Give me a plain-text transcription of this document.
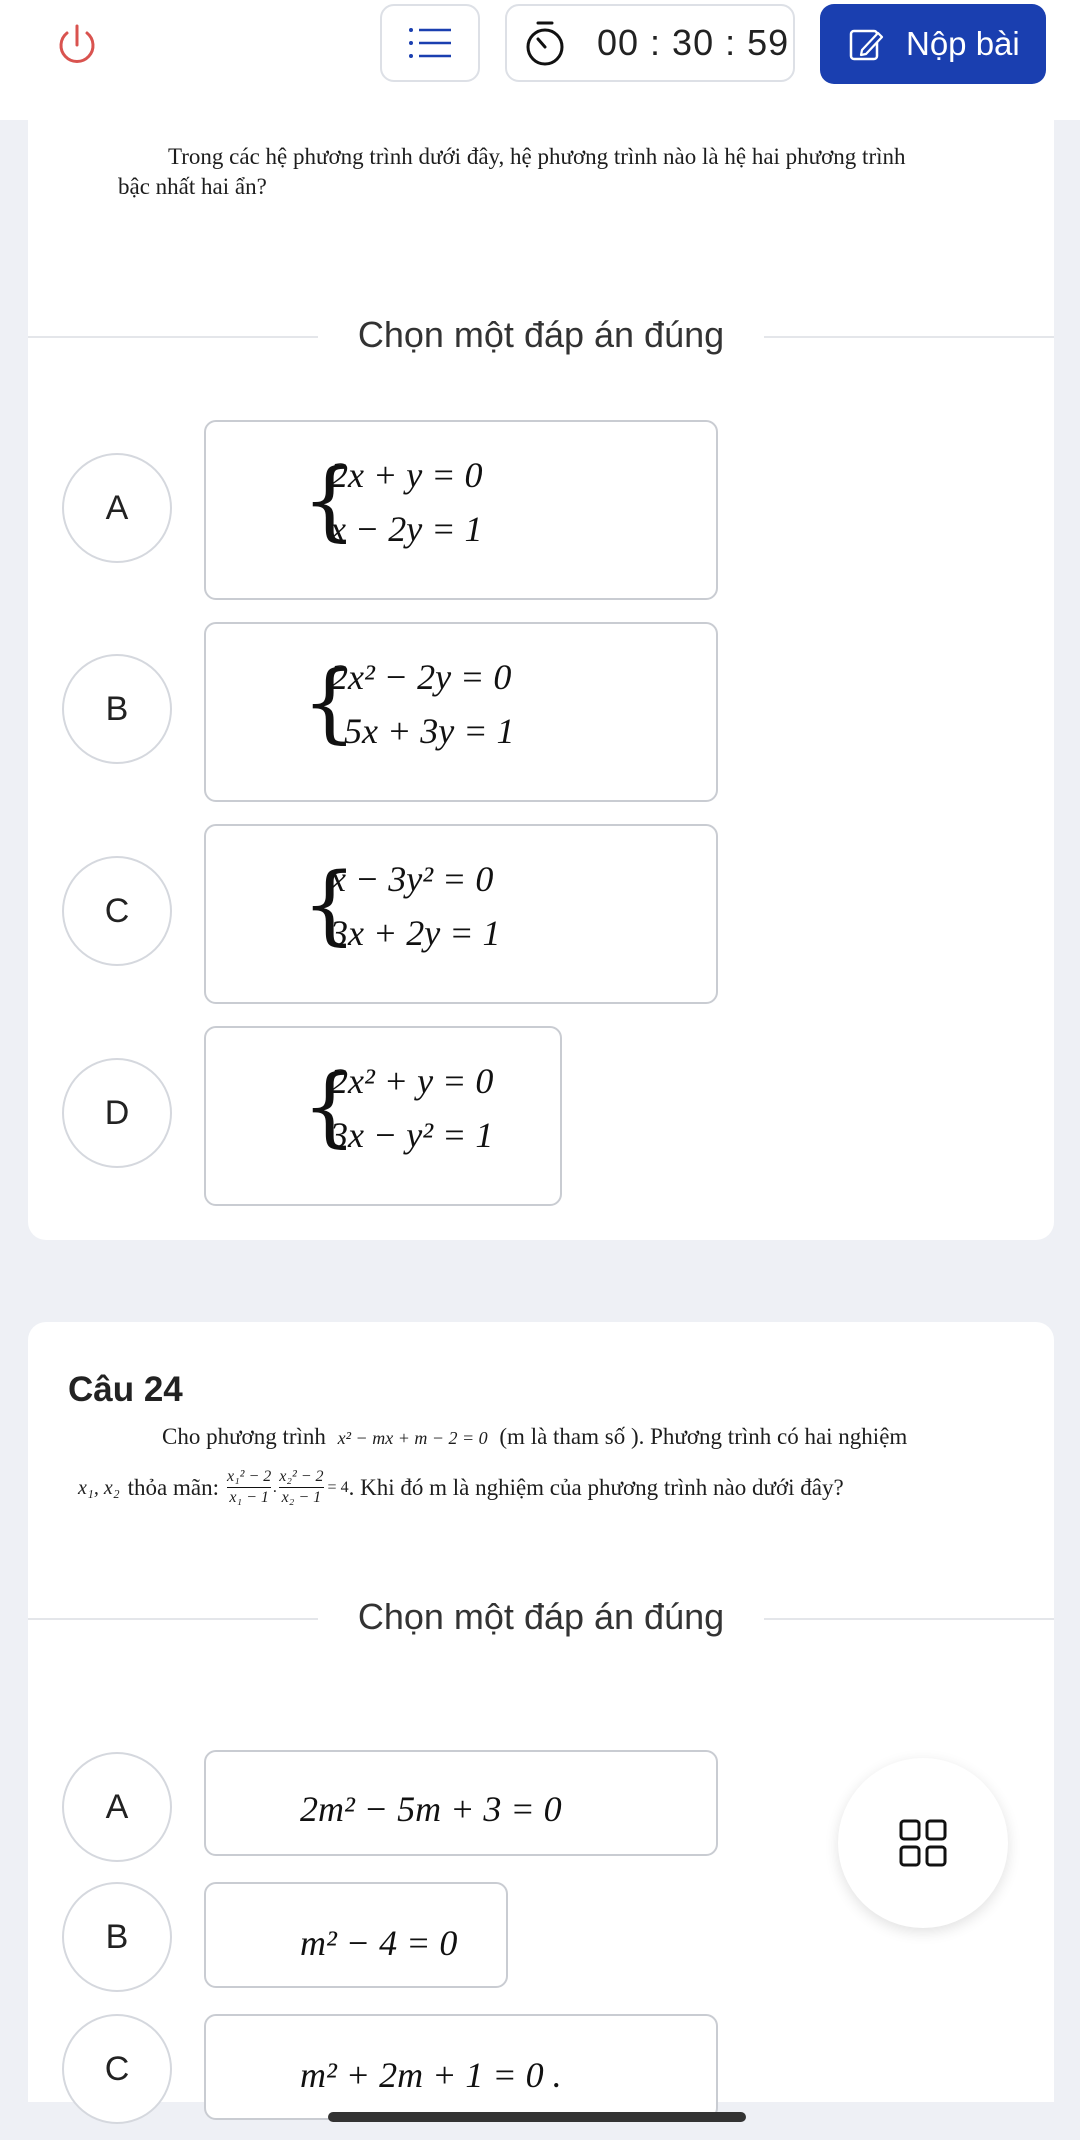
00 : 30 : 59	Nộp bài
Trong các hệ phương trình dưới đây, hệ phương trình nào là hệ hai phương trình
bậc nhất hai ẩn?
Chọn một đáp án đúng
A	{
2x + y = 0
x − 2y = 1
B	{
2x² − 2y = 0
5x + 3y = 1
C	{
x − 3y² = 0
3x + 2y = 1
D	{
2x² + y = 0
3x − y² = 1
Câu 24
Cho phương trình x² − mx + m − 2 = 0 (m là tham số ). Phương trình có hai nghiệm
x₁, x₂ thỏa mãn: x₁² − 2
x₁ − 1
. $\frac{\text{x₂² − 2}}{\text{x₂ − 1}} = 4$ . Khi đó m là nghiệm của phương trình nào dưới đây?
Chọn một đáp án đúng
A	2m² − 5m + 3 = 0
B	m² − 4 = 0
C	m² + 2m + 1 = 0 .
